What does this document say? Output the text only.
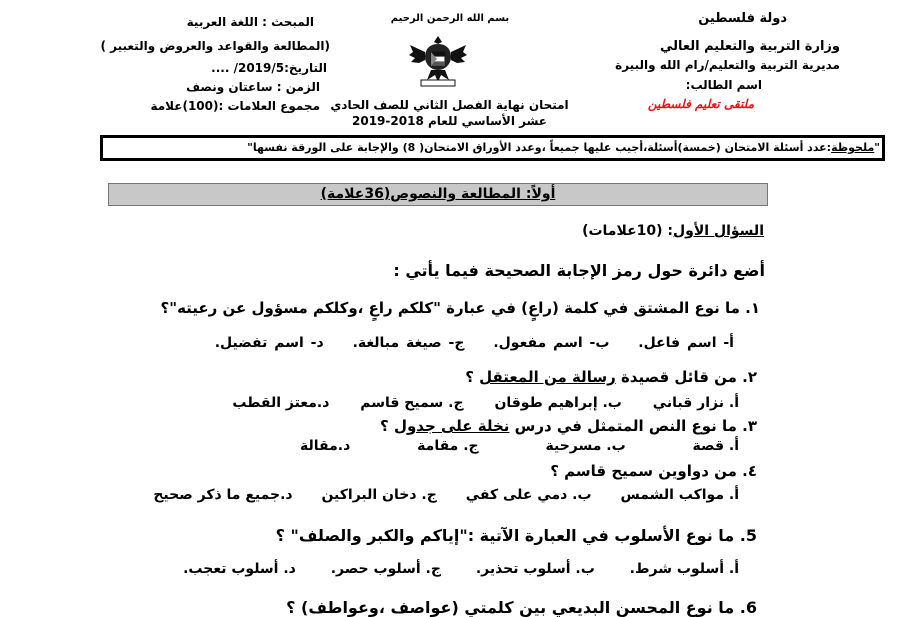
دولة فلسطين
وزارة التربية والتعليم العالي
مديرية التربية والتعليم/رام الله والبيرة
اسم الطالب:
ملتقى تعليم فلسطين
بسم الله الرحمن الرحيم
امتحان نهاية الفصل الثاني للصف الحادي
عشر الأساسي للعام 2018-2019
المبحث : اللغة العربية
(المطالعة والقواعد والعروض والتعبير )
التاريخ:2019/5/ ....
الزمن : ساعتان ونصف
مجموع العلامات :(100)علامة
"ملحوظة:عدد أسئلة الامتحان (خمسة)أسئلة،أجيب عليها جميعاً ،وعدد الأوراق الامتحان( 8) والإجابة على الورقة نفسها"
أولاً: المطالعة والنصوص(36علامة)
السؤال الأول: (10علامات)
أضع دائرة حول رمز الإجابة الصحيحة فيما يأتي :
١. ما نوع المشتق في كلمة (راعٍ) في عبارة "كلكم راعٍ ،وكلكم مسؤول عن رعيته"؟
أ- اسم فاعل. ب- اسم مفعول. ج- صيغة مبالغة. د- اسم تفضيل.
٢. من قائل قصيدة رسالة من المعتقل ؟
أ. نزار قباني ب. إبراهيم طوقان ج. سميح قاسم د.معتز القطب
٣. ما نوع النص المتمثل في درس نخلة على جدول ؟
أ. قصة ب. مسرحية ج. مقامة د.مقالة
٤. من دواوين سميح قاسم ؟
أ. مواكب الشمس ب. دمي على كفي ج. دخان البراكين د.جميع ما ذكر صحيح
5. ما نوع الأسلوب في العبارة الآتية :"إياكم والكبر والصلف" ؟
أ. أسلوب شرط. ب. أسلوب تحذير. ج. أسلوب حصر. د. أسلوب تعجب.
6. ما نوع المحسن البديعي بين كلمتي (عواصف ،وعواطف) ؟
